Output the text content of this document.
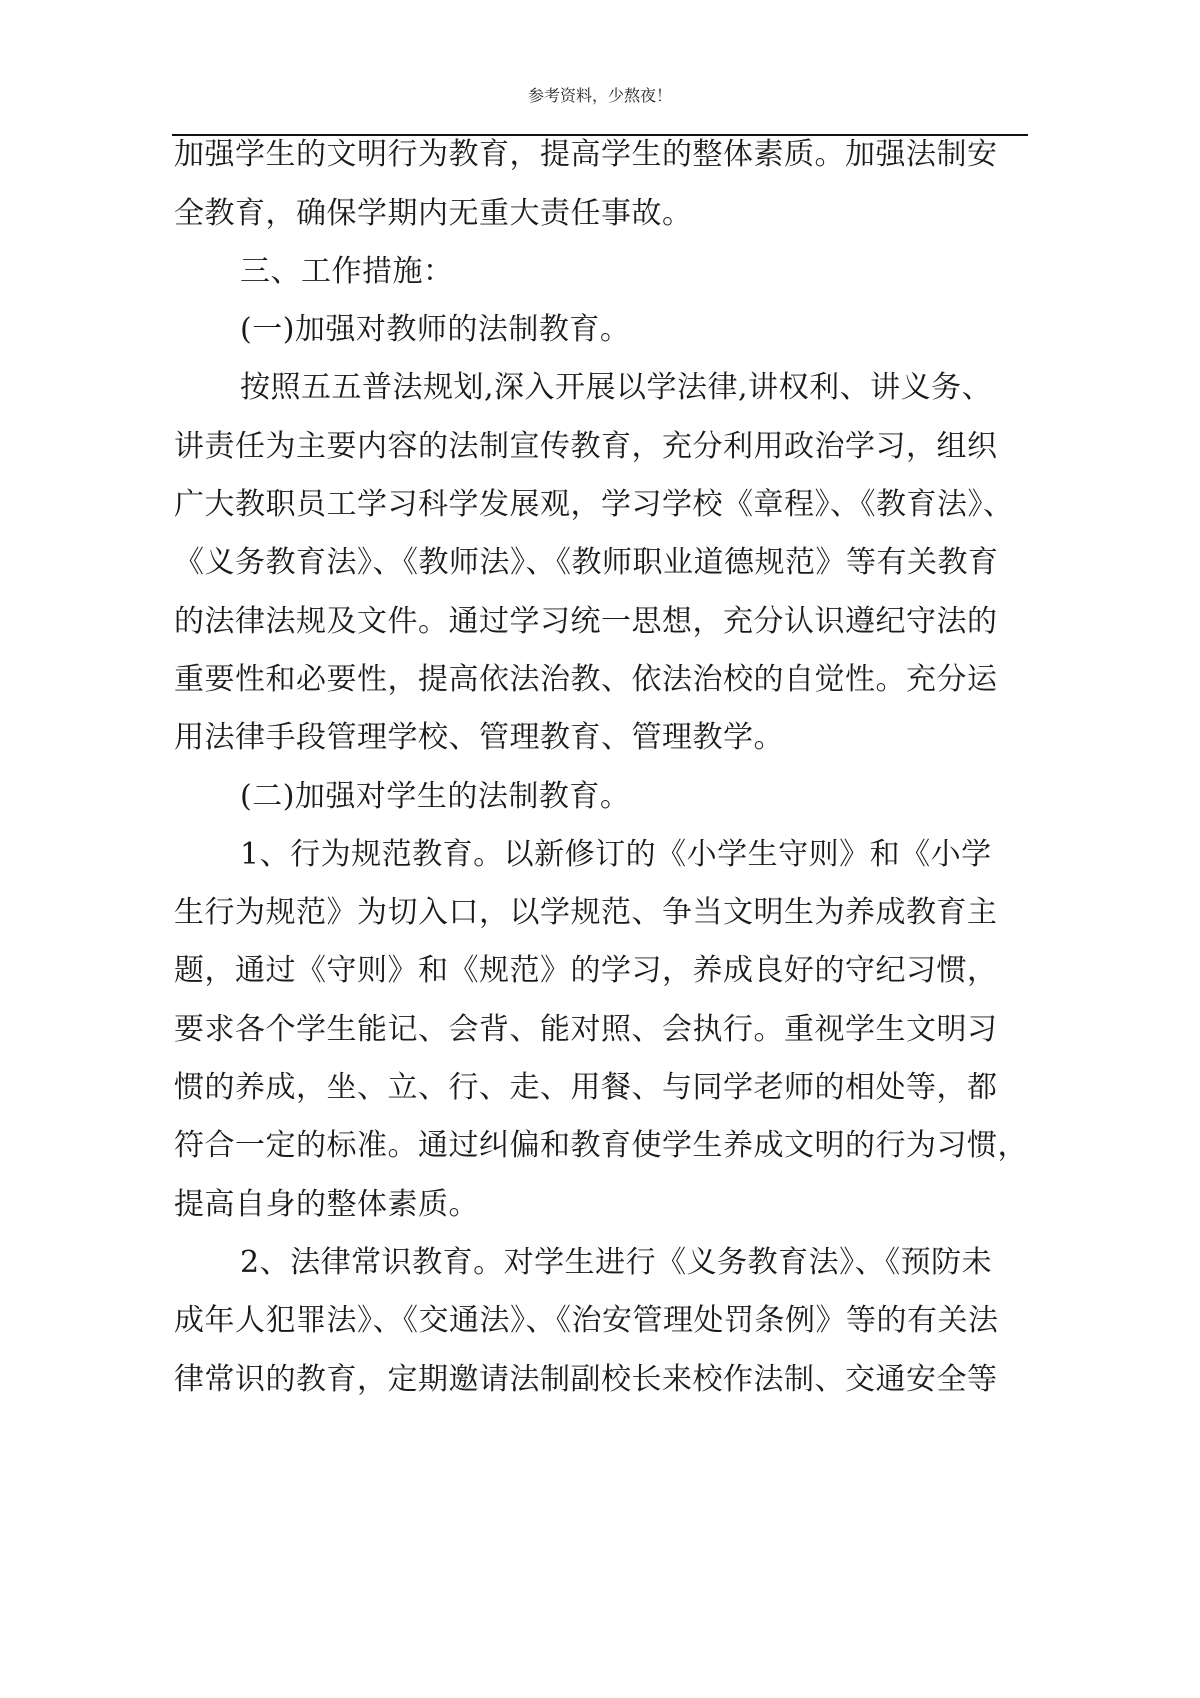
参考资料，少熬夜！
加强学生的文明行为教育，提高学生的整体素质。加强法制安
全教育，确保学期内无重大责任事故。
三、工作措施：
(一)加强对教师的法制教育。
按照五五普法规划,深入开展以学法律,讲权利、讲义务、
讲责任为主要内容的法制宣传教育，充分利用政治学习，组织
广大教职员工学习科学发展观，学习学校《章程》、《教育法》、
《义务教育法》、《教师法》、《教师职业道德规范》等有关教育
的法律法规及文件。通过学习统一思想，充分认识遵纪守法的
重要性和必要性，提高依法治教、依法治校的自觉性。充分运
用法律手段管理学校、管理教育、管理教学。
(二)加强对学生的法制教育。
1、行为规范教育。以新修订的《小学生守则》和《小学
生行为规范》为切入口，以学规范、争当文明生为养成教育主
题，通过《守则》和《规范》的学习，养成良好的守纪习惯，
要求各个学生能记、会背、能对照、会执行。重视学生文明习
惯的养成，坐、立、行、走、用餐、与同学老师的相处等，都
符合一定的标准。通过纠偏和教育使学生养成文明的行为习惯，
提高自身的整体素质。
2、法律常识教育。对学生进行《义务教育法》、《预防未
成年人犯罪法》、《交通法》、《治安管理处罚条例》等的有关法
律常识的教育，定期邀请法制副校长来校作法制、交通安全等
